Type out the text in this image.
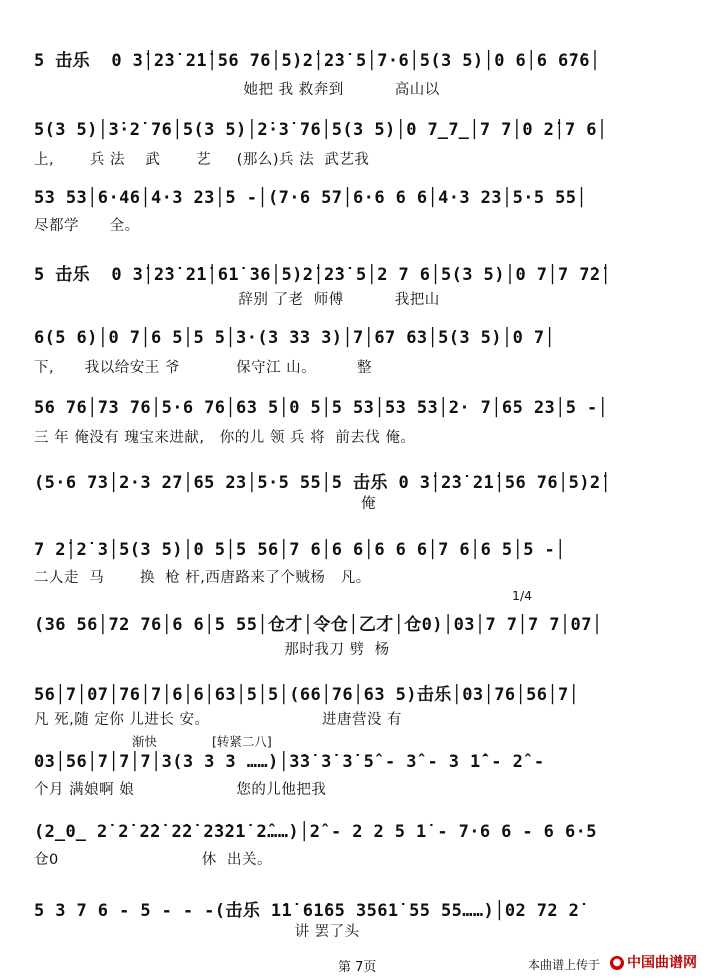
5 击乐  0 3̇│2̇3̇ 2̇1̇│56 76│5)2̇│2̇3̇ 5│7·6│5(3 5)│0 6│6 6̇7̇6│
她把 我 救奔到          高山以
5(3 5)│3̇·2̇ 76│5(3 5)│2̇·3̇ 76│5(3 5)│0 7̲7̲│7 7│0 2̇│7 6│
上,       兵 法    武       艺     (那么)兵 法  武艺我
53 53│6·46│4·3 23│5 -│(7·6 57│6·6 6 6│4·3 23│5·5 55│
尽都学      全。
5 击乐  0 3̇│2̇3̇ 2̇1̇│61̇ 36│5)2̇│2̇3̇ 5│2 7 6│5(3 5)│0 7│7 7̇2̇│
辞别 了老  师傅          我把山
6(5 6)│0 7│6 5│5 5│3·(3 33 3)│7│67 63│5(3 5)│0 7│
下,      我以给安王 爷           保守江 山。        整
56 76│73 76│5·6 76│63 5│0 5│5 53│53 53│2· 7│65 23│5 -│
三 年 俺没有 瑰宝来进献,   你的儿 领 兵 将  前去伐 俺。
(5·6 73│2·3 27│65 23│5·5 55│5 击乐 0 3̇│2̇3̇ 2̇1̇│56 76│5)2̇│
俺
7 2̇│2̇ 3│5(3 5)│0 5│5 56│7 6│6 6│6 6 6│7 6│6 5│5 -│
二人走  马       换  枪 杆,西唐路来了个贼杨   凡。
1/4
(36 56│72 76│6 6│5 55│仓才│令仓│乙才│仓0)│03│7 7│7 7│07│
那时我刀 劈  杨
56│7│07│76│7│6│6│63│5│5│(66│76│63 5)击乐│03│76│56│7│
凡 死,随 定你 儿进长 安。                      进唐营没 有
渐快	[转紧二八]
03│56│7│7│7│3(3 3 3 ……)│3̇3̇ 3̇ 3̇ 5̂ - 3̂ - 3 1̂̇ - 2̂ -
个月 满娘啊 娘                    您的儿他把我
(2̲0̲ 2̇ 2̇ 2̇2̇ 2̇2̇ 2̇3̇2̇1̇ 2̂……)│2̂ - 2 2 5 1̇ - 7·6 6 - 6 6·5
仓0                            休  出关。
5 3 7 6 - 5 - - -(击乐 1̇1̇ 61̇65 3561̇ 55 55……)│02 72 2̇
讲 罢了头
第 7页	本曲谱上传于 ● 中国曲谱网
